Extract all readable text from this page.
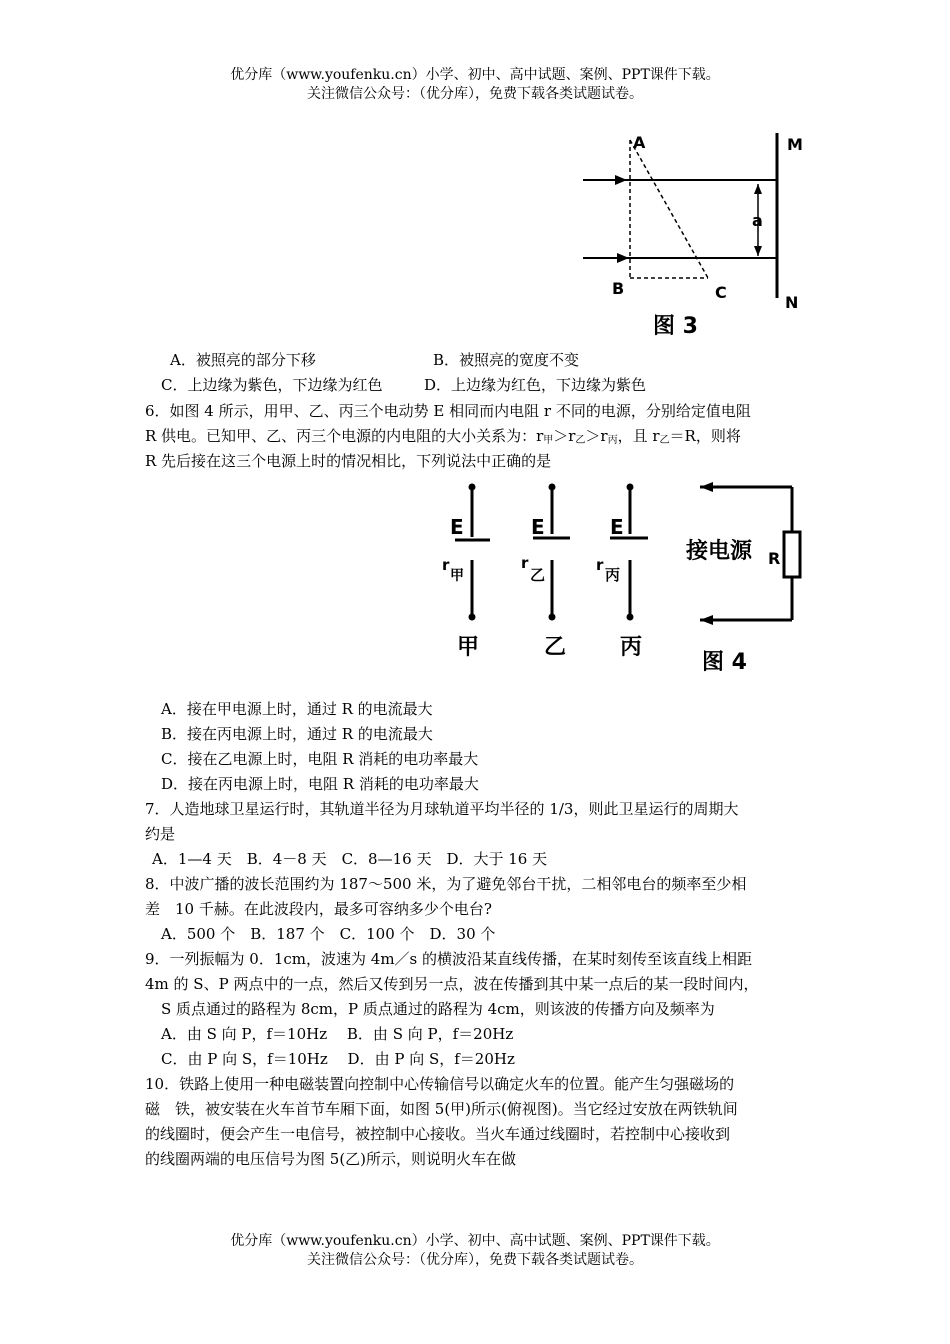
优分库（www.youfenku.cn）小学、初中、高中试题、案例、PPT课件下载。
关注微信公众号：（优分库），免费下载各类试题试卷。
A	M
a
B	C
N
图 3
A．被照亮的部分下移	B．被照亮的宽度不变
C．上边缘为紫色，下边缘为红色	D．上边缘为红色，下边缘为紫色
6．如图 4 所示，用甲、乙、丙三个电动势 E 相同而内电阻 r 不同的电源，分别给定值电阻
R 供电。已知甲、乙、丙三个电源的内电阻的大小关系为：$r_甲>r_乙>r_丙$，且 $r_乙=R$，则将
R 先后接在这三个电源上时的情况相比，下列说法中正确的是
E
r
甲
甲
E
r
乙
乙
E
r
丙
丙
接电源 R
图 4
A．接在甲电源上时，通过 R 的电流最大
B．接在丙电源上时，通过 R 的电流最大
C．接在乙电源上时，电阻 R 消耗的电功率最大
D．接在丙电源上时，电阻 R 消耗的电功率最大
7．人造地球卫星运行时，其轨道半径为月球轨道平均半径的 1/3，则此卫星运行的周期大
约是
A．1—4 天　B．4－8 天　C．8—16 天　D．大于 16 天
8．中波广播的波长范围约为 187～500 米，为了避免邻台干扰，二相邻电台的频率至少相
差　10 千赫。在此波段内，最多可容纳多少个电台?
A．500 个　B．187 个　C．100 个　D．30 个
9．一列振幅为 0．1cm，波速为 4m／s 的横波沿某直线传播，在某时刻传至该直线上相距
4m 的 S、P 两点中的一点，然后又传到另一点，波在传播到其中某一点后的某一段时间内，
S 质点通过的路程为 8cm，P 质点通过的路程为 4cm，则该波的传播方向及频率为
A．由 S 向 P，f＝10Hz　 B．由 S 向 P，f＝20Hz
C．由 P 向 S，f＝10Hz　 D．由 P 向 S，f＝20Hz
10．铁路上使用一种电磁装置向控制中心传输信号以确定火车的位置。能产生匀强磁场的
磁　铁，被安装在火车首节车厢下面，如图 5(甲)所示(俯视图)。当它经过安放在两铁轨间
的线圈时，便会产生一电信号，被控制中心接收。当火车通过线圈时，若控制中心接收到
的线圈两端的电压信号为图 5(乙)所示，则说明火车在做
优分库（www.youfenku.cn）小学、初中、高中试题、案例、PPT课件下载。
关注微信公众号：（优分库），免费下载各类试题试卷。
